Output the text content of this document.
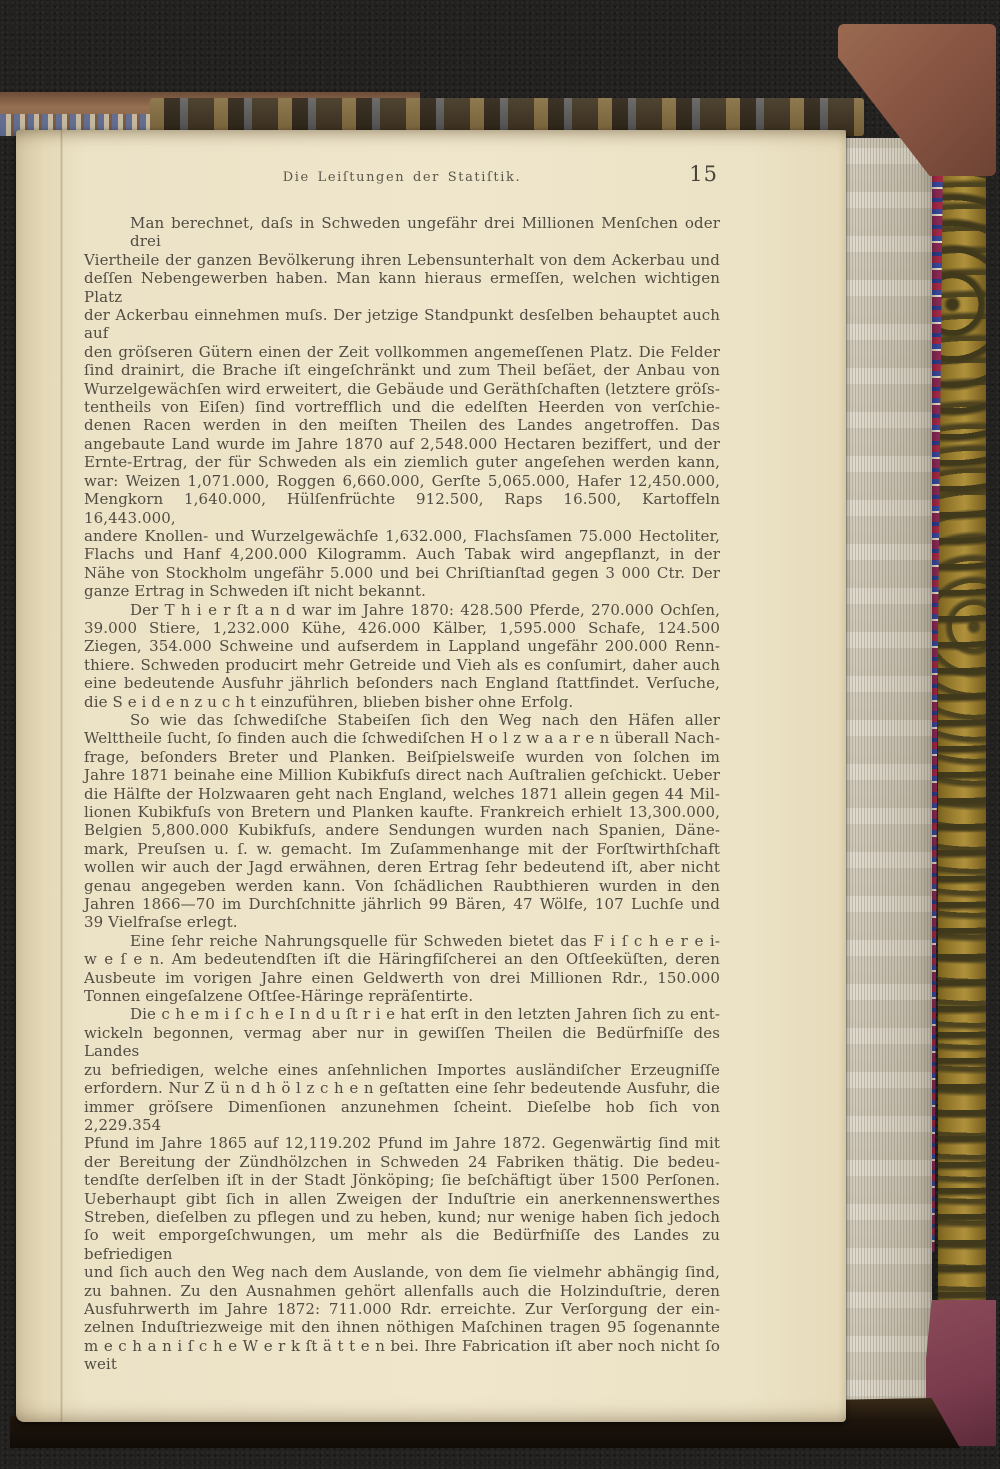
Die Leiſtungen der Statiſtik.	15
Man berechnet, daſs in Schweden ungefähr drei Millionen Menſchen oder drei
Viertheile der ganzen Bevölkerung ihren Lebensunterhalt von dem Ackerbau und
deſſen Nebengewerben haben. Man kann hieraus ermeſſen, welchen wichtigen Platz
der Ackerbau einnehmen muſs. Der jetzige Standpunkt desſelben behauptet auch auf
den gröſseren Gütern einen der Zeit vollkommen angemeſſenen Platz. Die Felder
ſind drainirt, die Brache iſt eingeſchränkt und zum Theil beſäet, der Anbau von
Wurzelgewächſen wird erweitert, die Gebäude und Geräthſchaften (letztere gröſs-
tentheils von Eiſen) ſind vortrefflich und die edelſten Heerden von verſchie-
denen Racen werden in den meiſten Theilen des Landes angetroffen. Das
angebaute Land wurde im Jahre 1870 auf 2,548.000 Hectaren beziffert, und der
Ernte-Ertrag, der für Schweden als ein ziemlich guter angeſehen werden kann,
war: Weizen 1,071.000, Roggen 6,660.000, Gerſte 5,065.000, Hafer 12,450.000,
Mengkorn 1,640.000, Hülſenfrüchte 912.500, Raps 16.500, Kartoffeln 16,443.000,
andere Knollen- und Wurzelgewächſe 1,632.000, Flachsſamen 75.000 Hectoliter,
Flachs und Hanf 4,200.000 Kilogramm. Auch Tabak wird angepflanzt, in der
Nähe von Stockholm ungefähr 5.000 und bei Chriſtianſtad gegen 3 000 Ctr. Der
ganze Ertrag in Schweden iſt nicht bekannt.
Der T h i e r ſt a n d war im Jahre 1870: 428.500 Pferde, 270.000 Ochſen,
39.000 Stiere, 1,232.000 Kühe, 426.000 Kälber, 1,595.000 Schafe, 124.500
Ziegen, 354.000 Schweine und aufserdem in Lappland ungefähr 200.000 Renn-
thiere. Schweden producirt mehr Getreide und Vieh als es conſumirt, daher auch
eine bedeutende Ausfuhr jährlich beſonders nach England ſtattfindet. Verſuche,
die S e i d e n z u c h t einzuführen, blieben bisher ohne Erfolg.
So wie das ſchwediſche Stabeiſen ſich den Weg nach den Häfen aller
Welttheile ſucht, ſo finden auch die ſchwediſchen H o l z w a a r e n überall Nach-
frage, beſonders Breter und Planken. Beiſpielsweiſe wurden von ſolchen im
Jahre 1871 beinahe eine Million Kubikfuſs direct nach Auſtralien geſchickt. Ueber
die Hälfte der Holzwaaren geht nach England, welches 1871 allein gegen 44 Mil-
lionen Kubikfuſs von Bretern und Planken kaufte. Frankreich erhielt 13,300.000,
Belgien 5,800.000 Kubikfuſs, andere Sendungen wurden nach Spanien, Däne-
mark, Preuſsen u. ſ. w. gemacht. Im Zuſammenhange mit der Forſtwirthſchaft
wollen wir auch der Jagd erwähnen, deren Ertrag ſehr bedeutend iſt, aber nicht
genau angegeben werden kann. Von ſchädlichen Raubthieren wurden in den
Jahren 1866—70 im Durchſchnitte jährlich 99 Bären, 47 Wölfe, 107 Luchſe und
39 Vielfraſse erlegt.
Eine ſehr reiche Nahrungsquelle für Schweden bietet das F i ſ c h e r e i-
w e ſ e n. Am bedeutendſten iſt die Häringfiſcherei an den Oſtſeeküſten, deren
Ausbeute im vorigen Jahre einen Geldwerth von drei Millionen Rdr., 150.000
Tonnen eingeſalzene Oſtſee-Häringe repräſentirte.
Die c h e m i ſ c h e I n d u ſt r i e hat erſt in den letzten Jahren ſich zu ent-
wickeln begonnen, vermag aber nur in gewiſſen Theilen die Bedürfniſſe des Landes
zu befriedigen, welche eines anſehnlichen Importes ausländiſcher Erzeugniſſe
erfordern. Nur Z ü n d h ö l z c h e n geſtatten eine ſehr bedeutende Ausfuhr, die
immer gröſsere Dimenſionen anzunehmen ſcheint. Dieſelbe hob ſich von 2,229.354
Pfund im Jahre 1865 auf 12,119.202 Pfund im Jahre 1872. Gegenwärtig ſind mit
der Bereitung der Zündhölzchen in Schweden 24 Fabriken thätig. Die bedeu-
tendſte derſelben iſt in der Stadt Jönköping; ſie beſchäftigt über 1500 Perſonen.
Ueberhaupt gibt ſich in allen Zweigen der Induſtrie ein anerkennenswerthes
Streben, dieſelben zu pflegen und zu heben, kund; nur wenige haben ſich jedoch
ſo weit emporgeſchwungen, um mehr als die Bedürfniſſe des Landes zu befriedigen
und ſich auch den Weg nach dem Auslande, von dem ſie vielmehr abhängig ſind,
zu bahnen. Zu den Ausnahmen gehört allenfalls auch die Holzinduſtrie, deren
Ausfuhrwerth im Jahre 1872: 711.000 Rdr. erreichte. Zur Verſorgung der ein-
zelnen Induſtriezweige mit den ihnen nöthigen Maſchinen tragen 95 ſogenannte
m e c h a n i ſ c h e W e r k ſt ä t t e n bei. Ihre Fabrication iſt aber noch nicht ſo weit
